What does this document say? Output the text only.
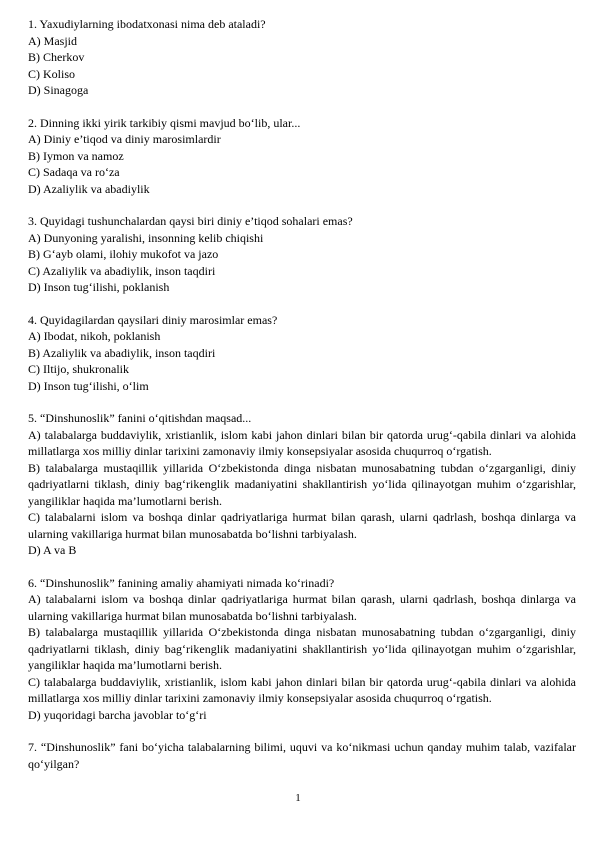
1. Yaxudiylarning ibodatxonasi nima deb ataladi?
A) Masjid
B) Cherkov
C) Koliso
D) Sinagoga
2. Dinning ikki yirik tarkibiy qismi mavjud bo‘lib, ular...
A) Diniy e’tiqod va diniy marosimlardir
B) Iymon va namoz
C) Sadaqa va ro‘za
D) Azaliylik va abadiylik
3. Quyidagi tushunchalardan qaysi biri diniy e’tiqod sohalari emas?
A) Dunyoning yaralishi, insonning kelib chiqishi
B) G‘ayb olami, ilohiy mukofot va jazo
C) Azaliylik va abadiylik, inson taqdiri
D) Inson tug‘ilishi, poklanish
4. Quyidagilardan qaysilari diniy marosimlar emas?
A) Ibodat, nikoh, poklanish
B) Azaliylik va abadiylik, inson taqdiri
C) Iltijo, shukronalik
D) Inson tug‘ilishi, o‘lim
5. “Dinshunoslik” fanini o‘qitishdan maqsad...
A) talabalarga buddaviylik, xristianlik, islom kabi jahon dinlari bilan bir qatorda urug‘-qabila dinlari va alohida millatlarga xos milliy dinlar tarixini zamonaviy ilmiy konsepsiyalar asosida chuqurroq o‘rgatish.
B) talabalarga mustaqillik yillarida O‘zbekistonda dinga nisbatan munosabatning tubdan o‘zgarganligi, diniy qadriyatlarni tiklash, diniy bag‘rikenglik madaniyatini shakllantirish yo‘lida qilinayotgan muhim o‘zgarishlar, yangiliklar haqida ma’lumotlarni berish.
C) talabalarni islom va boshqa dinlar qadriyatlariga hurmat bilan qarash, ularni qadrlash, boshqa dinlarga va ularning vakillariga hurmat bilan munosabatda bo‘lishni tarbiyalash.
D) A va B
6. “Dinshunoslik” fanining amaliy ahamiyati nimada ko‘rinadi?
A) talabalarni islom va boshqa dinlar qadriyatlariga hurmat bilan qarash, ularni qadrlash, boshqa dinlarga va ularning vakillariga hurmat bilan munosabatda bo‘lishni tarbiyalash.
B) talabalarga mustaqillik yillarida O‘zbekistonda dinga nisbatan munosabatning tubdan o‘zgarganligi, diniy qadriyatlarni tiklash, diniy bag‘rikenglik madaniyatini shakllantirish yo‘lida qilinayotgan muhim o‘zgarishlar, yangiliklar haqida ma’lumotlarni berish.
C) talabalarga buddaviylik, xristianlik, islom kabi jahon dinlari bilan bir qatorda urug‘-qabila dinlari va alohida millatlarga xos milliy dinlar tarixini zamonaviy ilmiy konsepsiyalar asosida chuqurroq o‘rgatish.
D) yuqoridagi barcha javoblar to‘g‘ri
7. “Dinshunoslik” fani bo‘yicha talabalarning bilimi, uquvi va ko‘nikmasi uchun qanday muhim talab, vazifalar qo‘yilgan?
1
